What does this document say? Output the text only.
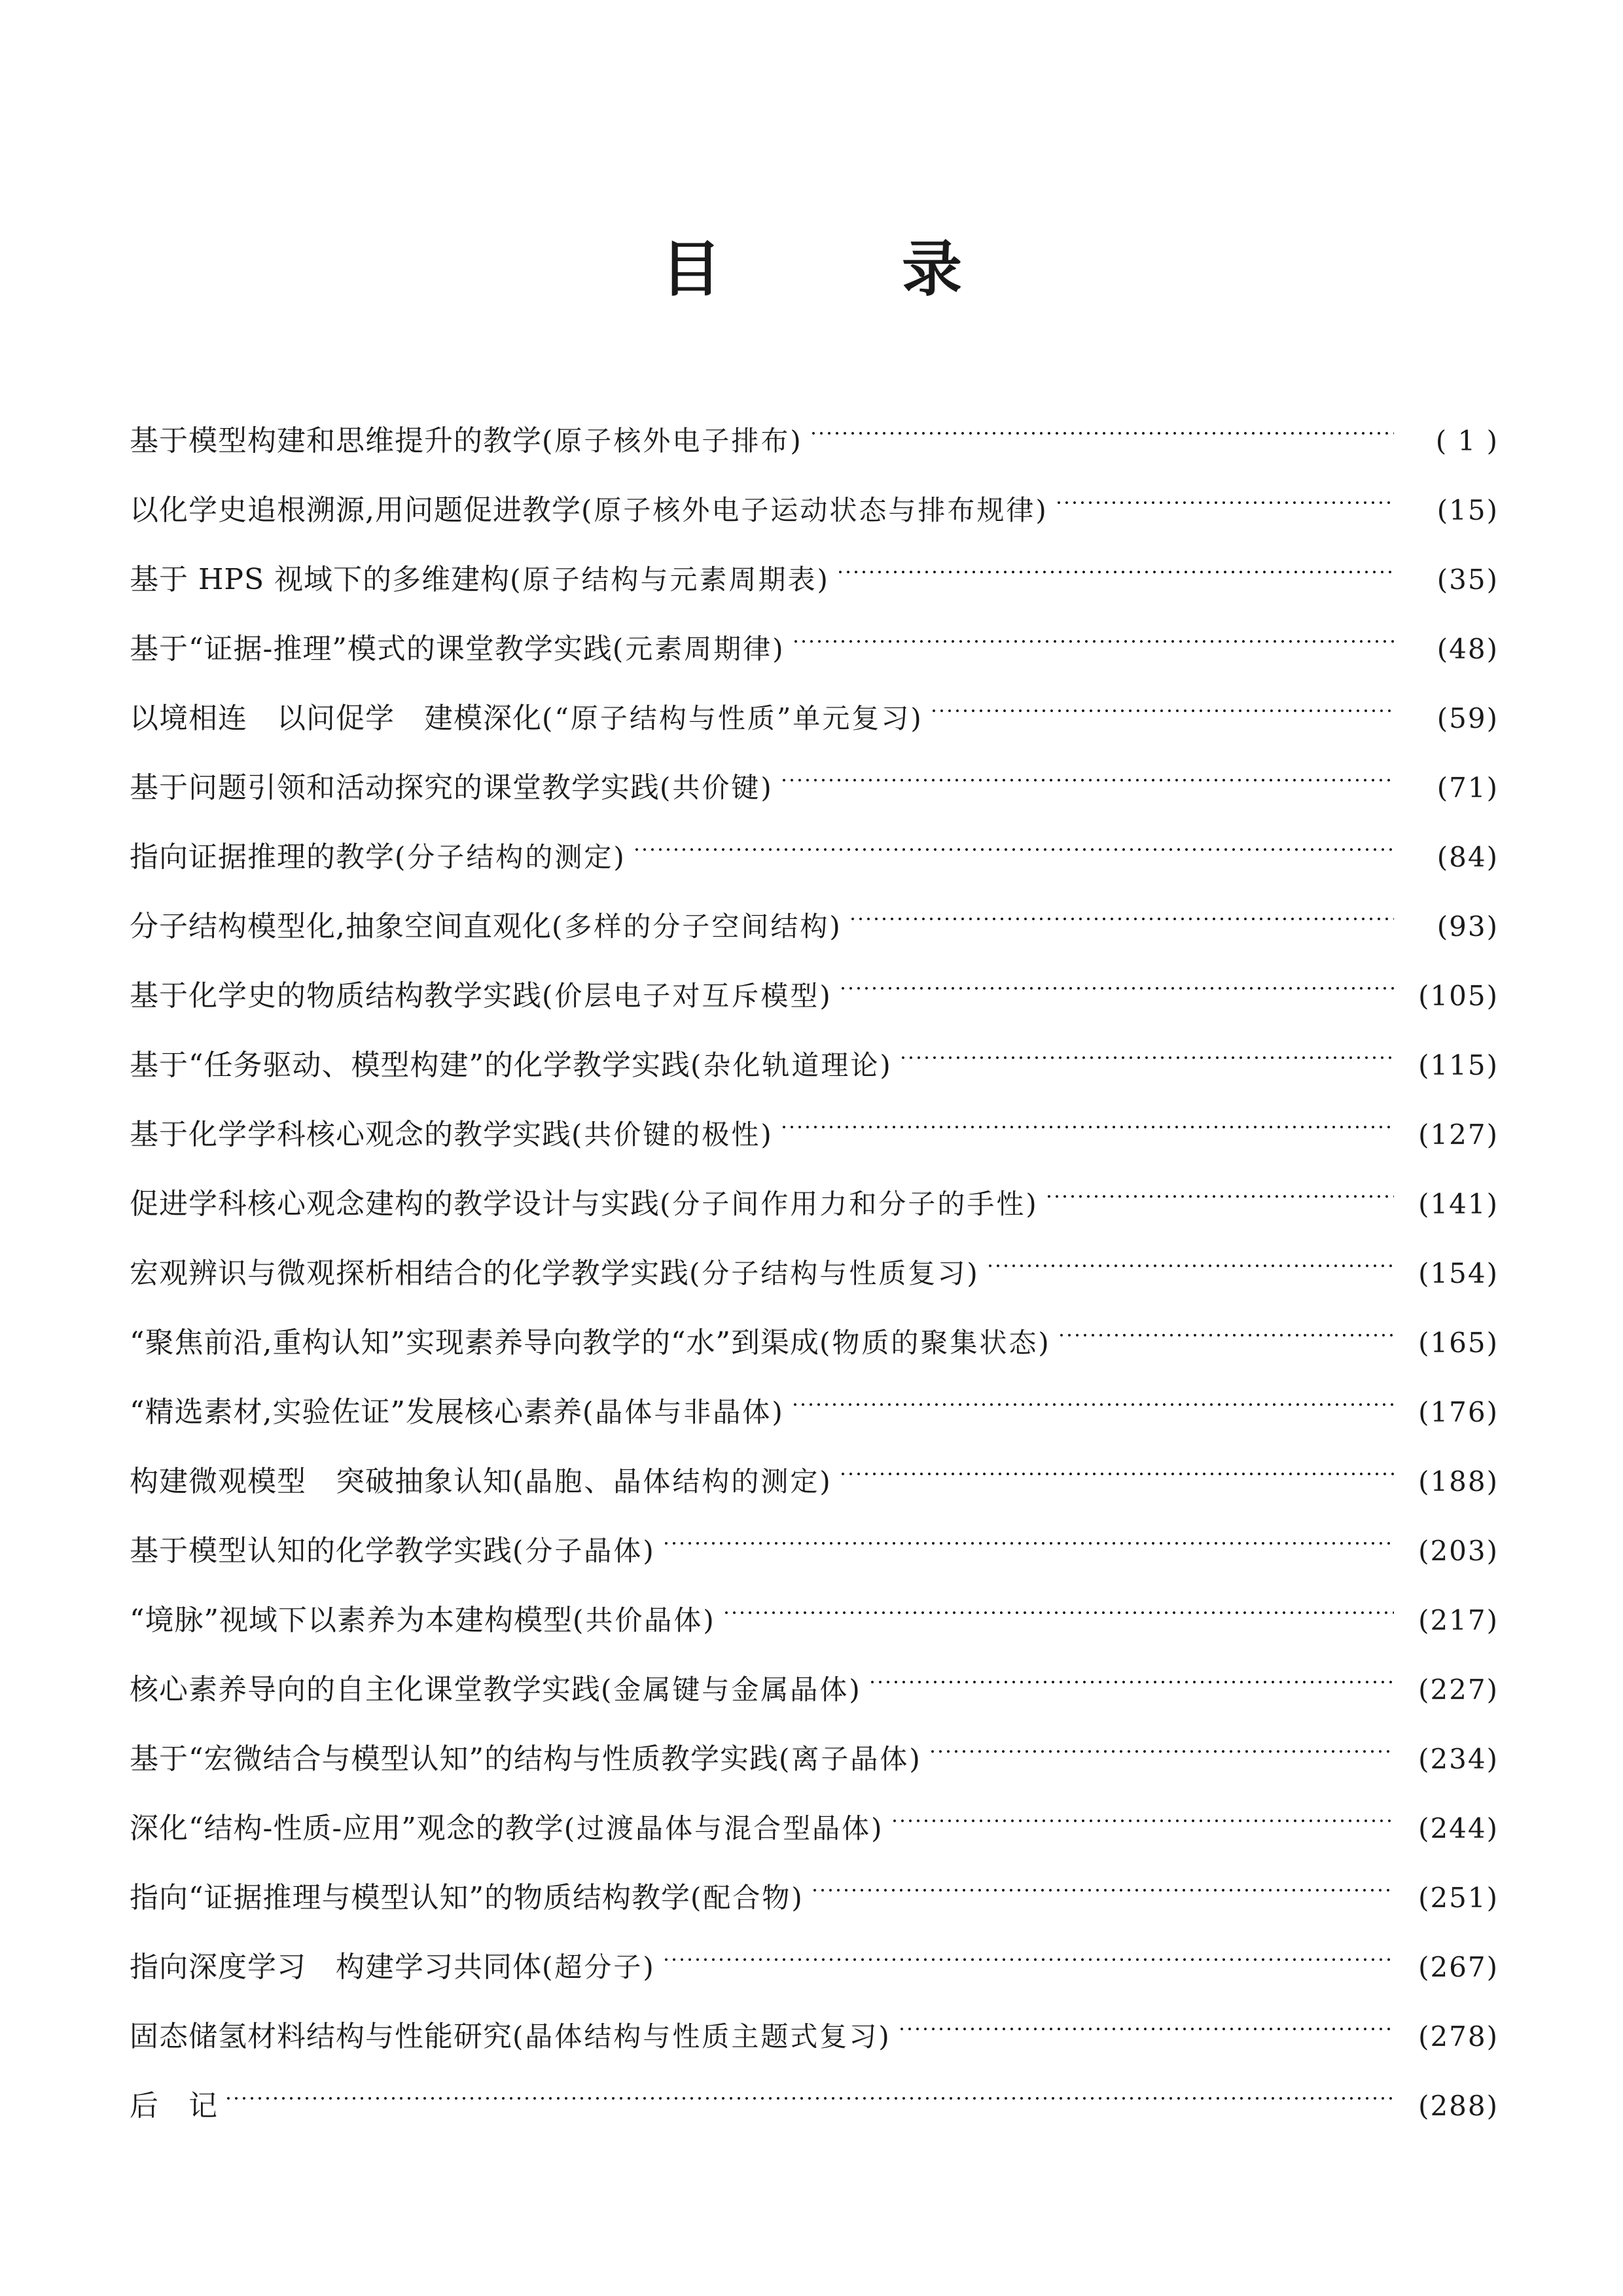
目　录
基于模型构建和思维提升的教学(原子核外电子排布)	( 1 )
以化学史追根溯源,用问题促进教学(原子核外电子运动状态与排布规律)	(15)
基于 HPS 视域下的多维建构(原子结构与元素周期表)	(35)
基于“证据-推理”模式的课堂教学实践(元素周期律)	(48)
以境相连　以问促学　建模深化(“原子结构与性质”单元复习)	(59)
基于问题引领和活动探究的课堂教学实践(共价键)	(71)
指向证据推理的教学(分子结构的测定)	(84)
分子结构模型化,抽象空间直观化(多样的分子空间结构)	(93)
基于化学史的物质结构教学实践(价层电子对互斥模型)	(105)
基于“任务驱动、模型构建”的化学教学实践(杂化轨道理论)	(115)
基于化学学科核心观念的教学实践(共价键的极性)	(127)
促进学科核心观念建构的教学设计与实践(分子间作用力和分子的手性)	(141)
宏观辨识与微观探析相结合的化学教学实践(分子结构与性质复习)	(154)
“聚焦前沿,重构认知”实现素养导向教学的“水”到渠成(物质的聚集状态)	(165)
“精选素材,实验佐证”发展核心素养(晶体与非晶体)	(176)
构建微观模型　突破抽象认知(晶胞、晶体结构的测定)	(188)
基于模型认知的化学教学实践(分子晶体)	(203)
“境脉”视域下以素养为本建构模型(共价晶体)	(217)
核心素养导向的自主化课堂教学实践(金属键与金属晶体)	(227)
基于“宏微结合与模型认知”的结构与性质教学实践(离子晶体)	(234)
深化“结构-性质-应用”观念的教学(过渡晶体与混合型晶体)	(244)
指向“证据推理与模型认知”的物质结构教学(配合物)	(251)
指向深度学习　构建学习共同体(超分子)	(267)
固态储氢材料结构与性能研究(晶体结构与性质主题式复习)	(278)
后　记	(288)
